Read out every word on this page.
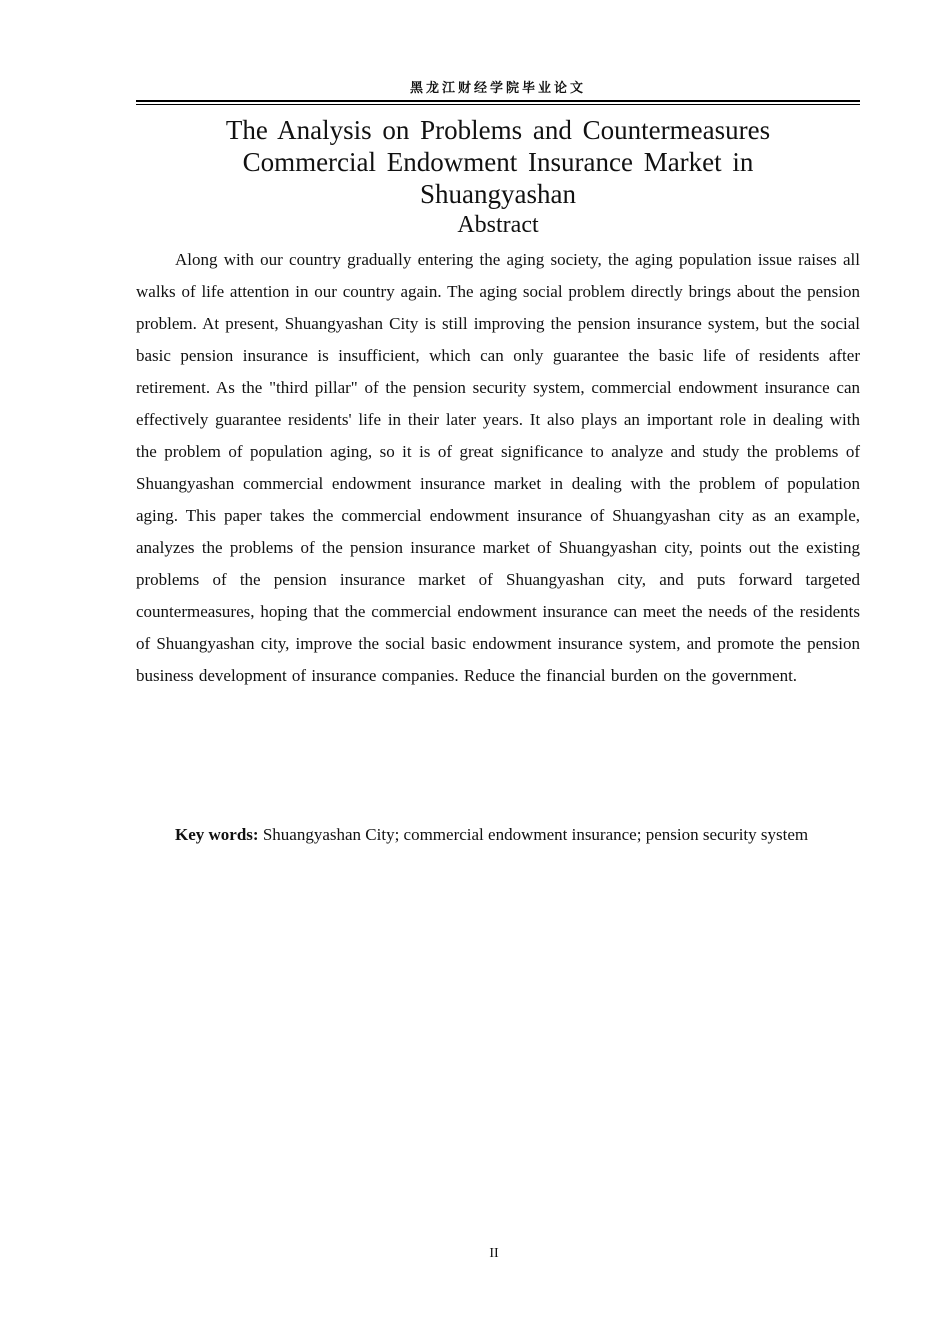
黑龙江财经学院毕业论文
The Analysis on Problems and Countermeasures
Commercial Endowment Insurance Market in
Shuangyashan
Abstract

Along with our country gradually entering the aging society, the aging population issue raises all walks of life attention in our country again. The aging social problem directly brings about the pension problem. At present, Shuangyashan City is still improving the pension insurance system, but the social basic pension insurance is insufficient, which can only guarantee the basic life of residents after retirement. As the "third pillar" of the pension security system, commercial endowment insurance can effectively guarantee residents' life in their later years. It also plays an important role in dealing with the problem of population aging, so it is of great significance to analyze and study the problems of Shuangyashan commercial endowment insurance market in dealing with the problem of population aging. This paper takes the commercial endowment insurance of Shuangyashan city as an example, analyzes the problems of the pension insurance market of Shuangyashan city, points out the existing problems of the pension insurance market of Shuangyashan city, and puts forward targeted countermeasures, hoping that the commercial endowment insurance can meet the needs of the residents of Shuangyashan city, improve the social basic endowment insurance system, and promote the pension business development of insurance companies. Reduce the financial burden on the government.

Key words: Shuangyashan City; commercial endowment insurance; pension security system

II
